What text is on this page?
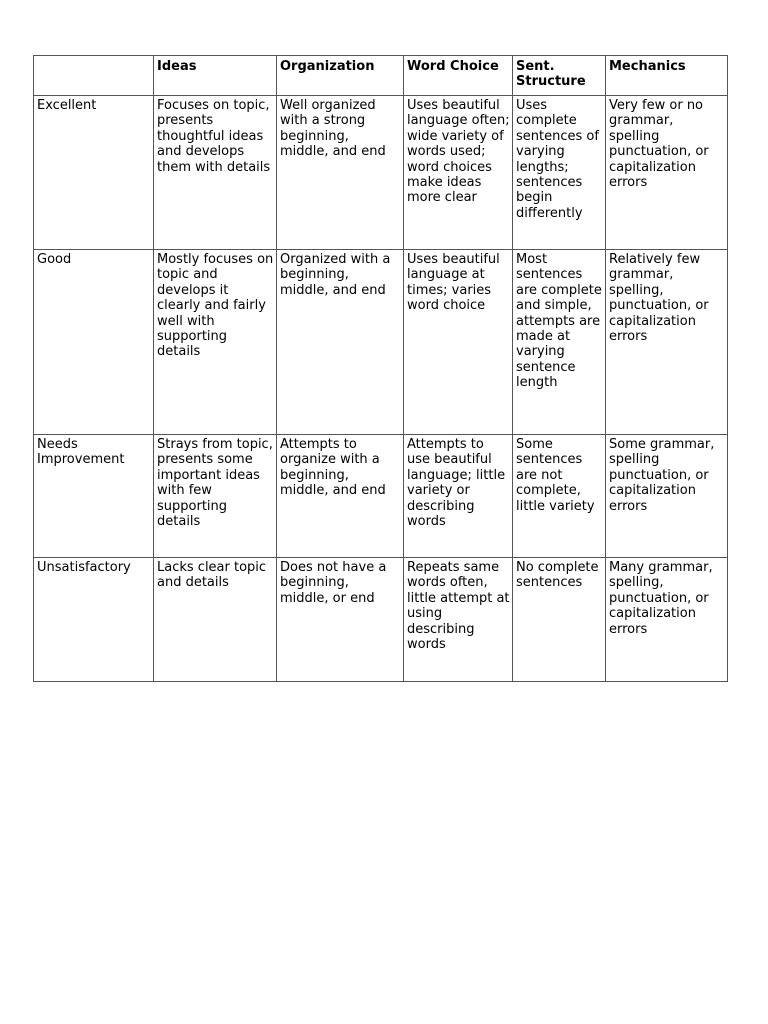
	Ideas	Organization	Word Choice	Sent. Structure	Mechanics
Excellent	Focuses on topic, presents thoughtful ideas and develops them with details	Well organized with a strong beginning, middle, and end	Uses beautiful language often; wide variety of words used; word choices make ideas more clear	Uses complete sentences of varying lengths; sentences begin differently	Very few or no grammar, spelling punctuation, or capitalization errors
Good	Mostly focuses on topic and develops it clearly and fairly well with supporting details	Organized with a beginning, middle, and end	Uses beautiful language at times; varies word choice	Most sentences are complete and simple, attempts are made at varying sentence length	Relatively few grammar, spelling, punctuation, or capitalization errors
Needs Improvement	Strays from topic, presents some important ideas with few supporting details	Attempts to organize with a beginning, middle, and end	Attempts to use beautiful language; little variety or describing words	Some sentences are not complete, little variety	Some grammar, spelling punctuation, or capitalization errors
Unsatisfactory	Lacks clear topic and details	Does not have a beginning, middle, or end	Repeats same words often, little attempt at using describing words	No complete sentences	Many grammar, spelling, punctuation, or capitalization errors
